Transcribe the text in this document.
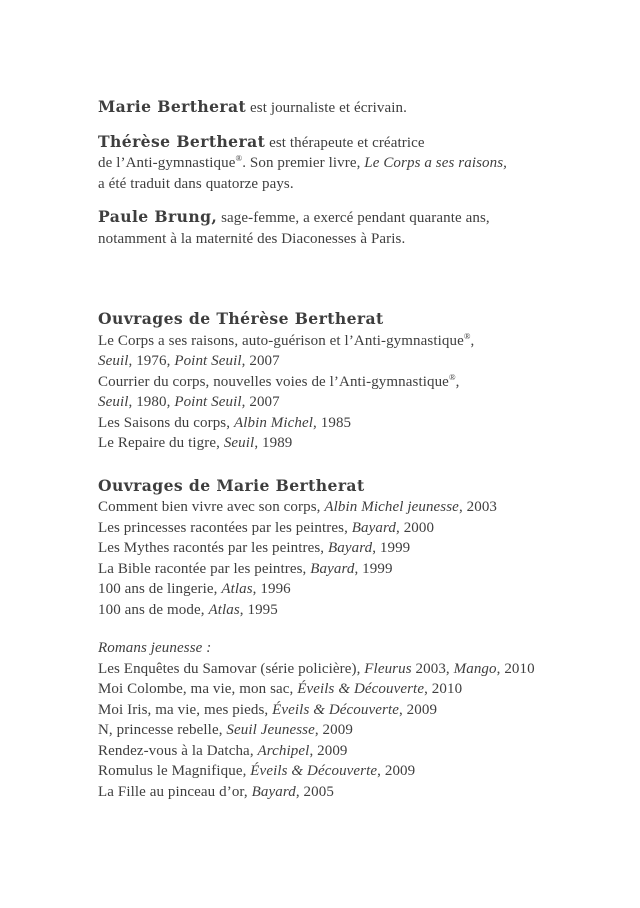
Marie Bertherat est journaliste et écrivain.
Thérèse Bertherat est thérapeute et créatrice
de l’Anti-gymnastique®. Son premier livre, Le Corps a ses raisons,
a été traduit dans quatorze pays.
Paule Brung, sage-femme, a exercé pendant quarante ans,
notamment à la maternité des Diaconesses à Paris.
Ouvrages de Thérèse Bertherat
Le Corps a ses raisons, auto-guérison et l’Anti-gymnastique®,
Seuil, 1976, Point Seuil, 2007
Courrier du corps, nouvelles voies de l’Anti-gymnastique®,
Seuil, 1980, Point Seuil, 2007
Les Saisons du corps, Albin Michel, 1985
Le Repaire du tigre, Seuil, 1989
Ouvrages de Marie Bertherat
Comment bien vivre avec son corps, Albin Michel jeunesse, 2003
Les princesses racontées par les peintres, Bayard, 2000
Les Mythes racontés par les peintres, Bayard, 1999
La Bible racontée par les peintres, Bayard, 1999
100 ans de lingerie, Atlas, 1996
100 ans de mode, Atlas, 1995
Romans jeunesse :
Les Enquêtes du Samovar (série policière), Fleurus 2003, Mango, 2010
Moi Colombe, ma vie, mon sac, Éveils & Découverte, 2010
Moi Iris, ma vie, mes pieds, Éveils & Découverte, 2009
N, princesse rebelle, Seuil Jeunesse, 2009
Rendez-vous à la Datcha, Archipel, 2009
Romulus le Magnifique, Éveils & Découverte, 2009
La Fille au pinceau d’or, Bayard, 2005
